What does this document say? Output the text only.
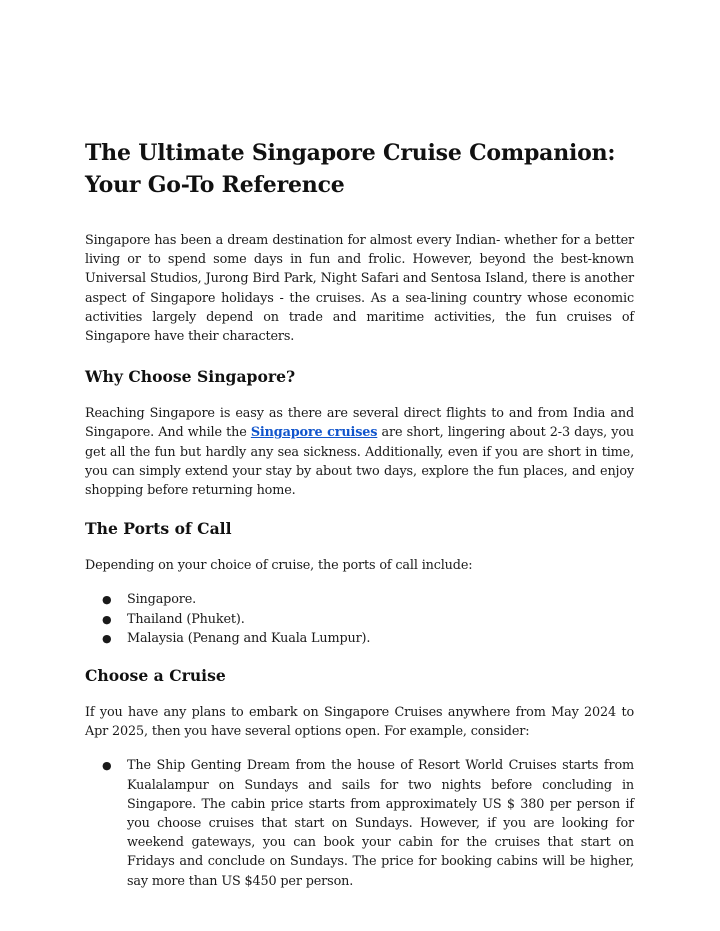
The Ultimate Singapore Cruise Companion: Your Go-To Reference

Singapore has been a dream destination for almost every Indian- whether for a better living or to spend some days in fun and frolic. However, beyond the best-known Universal Studios, Jurong Bird Park, Night Safari and Sentosa Island, there is another aspect of Singapore holidays - the cruises. As a sea-lining country whose economic activities largely depend on trade and maritime activities, the fun cruises of Singapore have their characters.

Why Choose Singapore?

Reaching Singapore is easy as there are several direct flights to and from India and Singapore. And while the Singapore cruises are short, lingering about 2-3 days, you get all the fun but hardly any sea sickness. Additionally, even if you are short in time, you can simply extend your stay by about two days, explore the fun places, and enjoy shopping before returning home.

The Ports of Call

Depending on your choice of cruise, the ports of call include:

● Singapore.
● Thailand (Phuket).
● Malaysia (Penang and Kuala Lumpur).
Choose a Cruise

If you have any plans to embark on Singapore Cruises anywhere from May 2024 to Apr 2025, then you have several options open. For example, consider:

● The Ship Genting Dream from the house of Resort World Cruises starts from Kualalampur on Sundays and sails for two nights before concluding in Singapore. The cabin price starts from approximately US $ 380 per person if you choose cruises that start on Sundays. However, if you are looking for weekend gateways, you can book your cabin for the cruises that start on Fridays and conclude on Sundays. The price for booking cabins will be higher, say more than US $450 per person.
